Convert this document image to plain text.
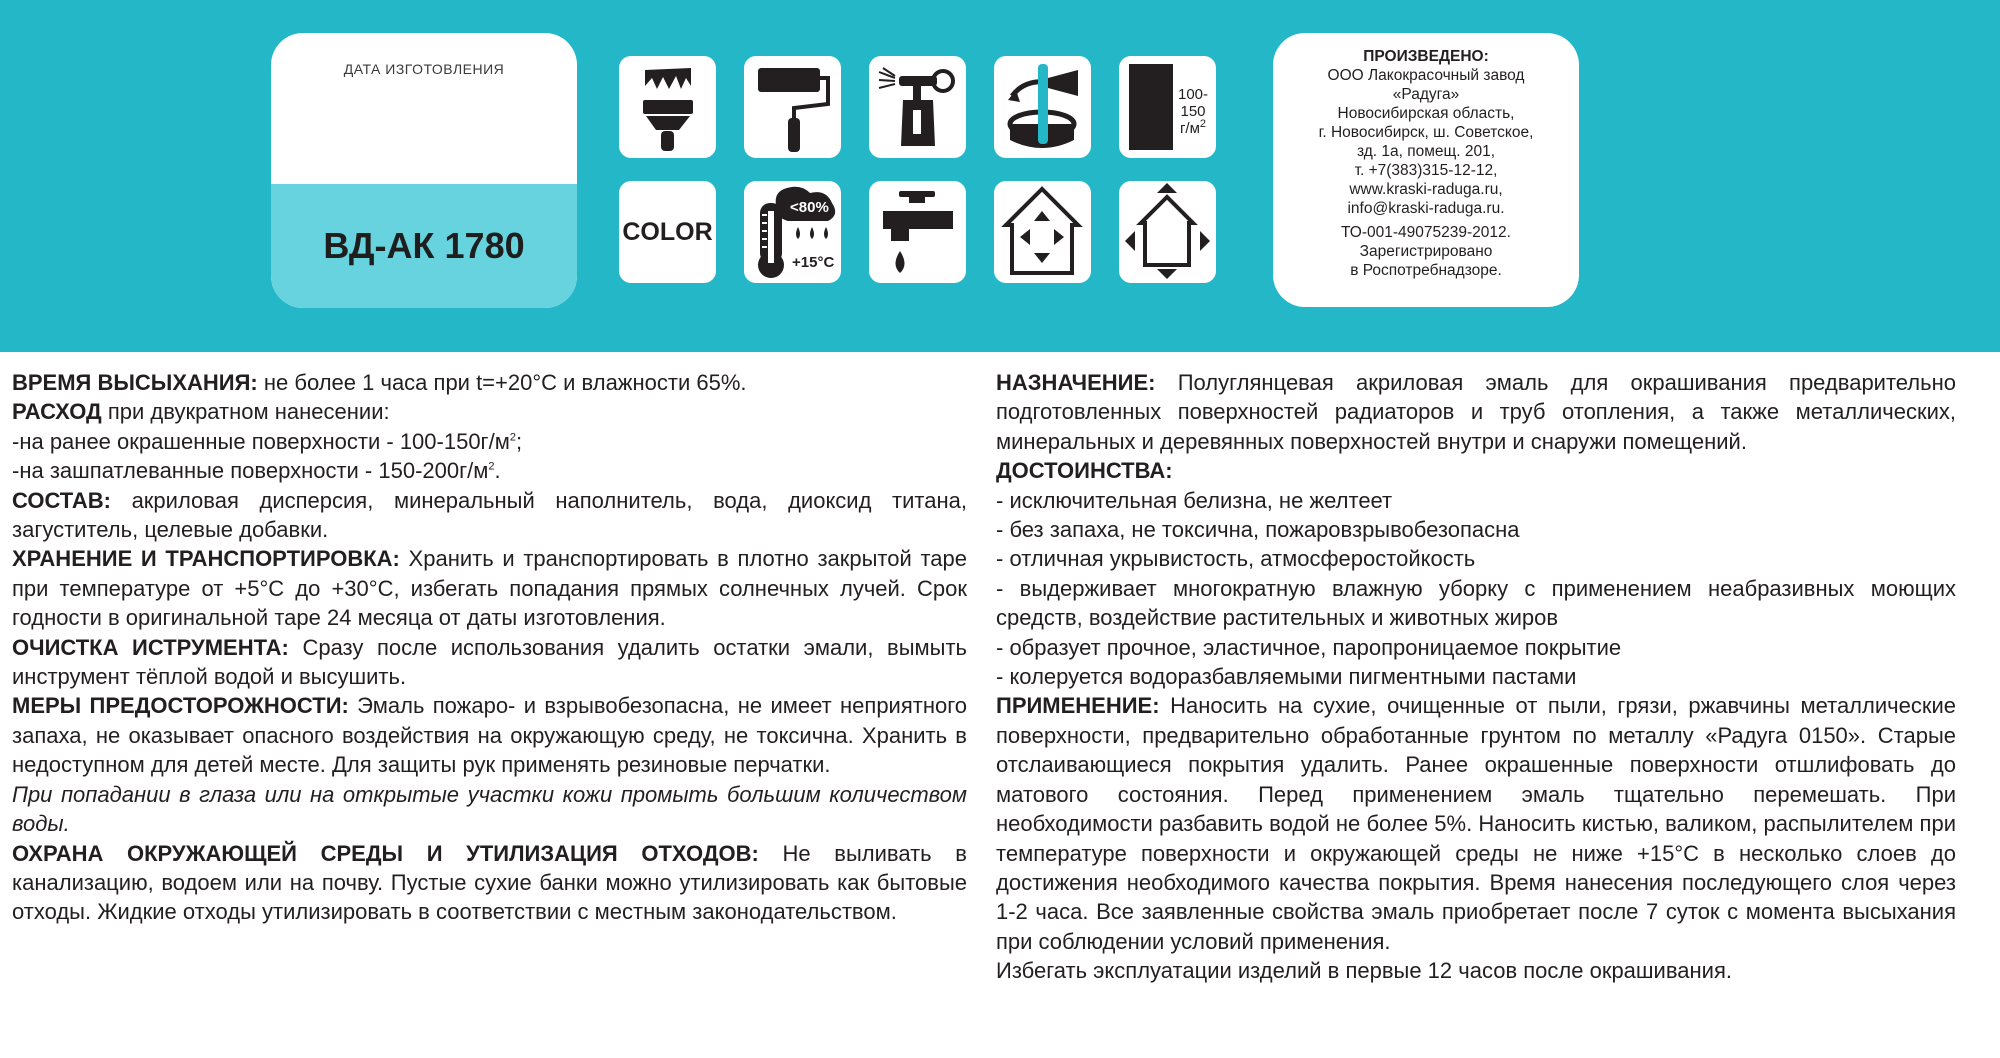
ДАТА ИЗГОТОВЛЕНИЯ
ВД-АК 1780
100-
150
$г/м^2$
COLOR
<80%
+15°C
ПРОИЗВЕДЕНО:
ООО Лакокрасочный завод
«Радуга»
Новосибирская область,
г. Новосибирск, ш. Советское,
зд. 1а, помещ. 201,
т. +7(383)315-12-12,
www.kraski-raduga.ru,
info@kraski-raduga.ru.
ТО-001-49075239-2012.
Зарегистрировано
в Роспотребнадзоре.

ВРЕМЯ ВЫСЫХАНИЯ: не более 1 часа при t=+20°C и влажности 65%.

РАСХОД при двукратном нанесении:

-на ранее окрашенные поверхности - $100-150г/м^2$;

-на зашпатлеванные поверхности - $150-200г/м^2$.

СОСТАВ: акриловая дисперсия, минеральный наполнитель, вода, диоксид титана, загуститель, целевые добавки.

ХРАНЕНИЕ И ТРАНСПОРТИРОВКА: Хранить и транспортировать в плотно закрытой таре при температуре от +5°C до +30°C, избегать попадания прямых солнечных лучей. Срок годности в оригинальной таре 24 месяца от даты изготовления.

ОЧИСТКА ИСТРУМЕНТА: Сразу после использования удалить остатки эмали, вымыть инструмент тёплой водой и высушить.

МЕРЫ ПРЕДОСТОРОЖНОСТИ: Эмаль пожаро- и взрывобезопасна, не имеет неприятного запаха, не оказывает опасного воздействия на окружающую среду, не токсична. Хранить в недоступном для детей месте. Для защиты рук применять резиновые перчатки.

При попадании в глаза или на открытые участки кожи промыть большим количеством воды.

ОХРАНА ОКРУЖАЮЩЕЙ СРЕДЫ И УТИЛИЗАЦИЯ ОТХОДОВ: Не выливать в канализацию, водоем или на почву. Пустые сухие банки можно утилизировать как бытовые отходы. Жидкие отходы утилизировать в соответствии с местным законодательством.

НАЗНАЧЕНИЕ: Полуглянцевая акриловая эмаль для окрашивания предварительно подготовленных поверхностей радиаторов и труб отопления, а также металлических, минеральных и деревянных поверхностей внутри и снаружи помещений.

ДОСТОИНСТВА:

- исключительная белизна, не желтеет

- без запаха, не токсична, пожаровзрывобезопасна

- отличная укрывистость, атмосферостойкость

- выдерживает многократную влажную уборку с применением неабразивных моющих средств, воздействие растительных и животных жиров

- образует прочное, эластичное, паропроницаемое покрытие

- колеруется водоразбавляемыми пигментными пастами

ПРИМЕНЕНИЕ: Наносить на сухие, очищенные от пыли, грязи, ржавчины металлические поверхности, предварительно обработанные грунтом по металлу «Радуга 0150». Старые отслаивающиеся покрытия удалить. Ранее окрашенные поверхности отшлифовать до матового состояния. Перед применением эмаль тщательно перемешать. При необходимости разбавить водой не более 5%. Наносить кистью, валиком, распылителем при температуре поверхности и окружающей среды не ниже +15°C в несколько слоев до достижения необходимого качества покрытия. Время нанесения последующего слоя через 1-2 часа. Все заявленные свойства эмаль приобретает после 7 суток с момента высыхания при соблюдении условий применения.

Избегать эксплуатации изделий в первые 12 часов после окрашивания.
